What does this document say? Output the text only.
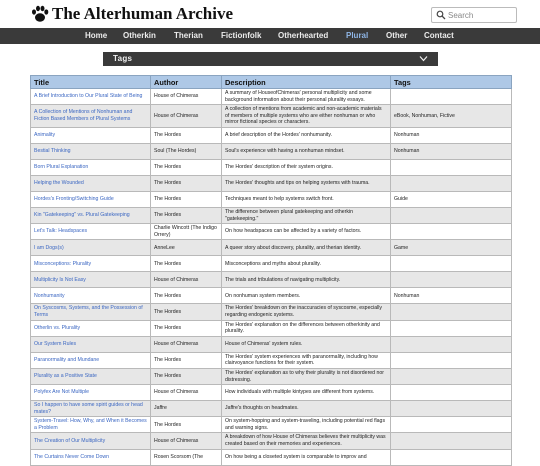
The Alterhuman Archive
Search
Home Otherkin Therian Fictionfolk Otherhearted Plural Other Contact
Tags
Title	Author	Description	Tags
A Brief Introduction to Our Plural State of Being	House of Chimeras	A summary of HouseofChimeras' personal multiplicity and some background information about their personal plurality essays.	
A Collection of Mentions of Nonhuman and Fiction Based Members of Plural Systems	House of Chimeras	A collection of mentions from academic and non-academic materials of members of multiple systems who are either nonhuman or who mirror fictional species or characters.	eBook, Nonhuman, Fictive
Animality	The Hordes	A brief description of the Hordes' nonhumanity.	Nonhuman
Bestial Thinking	Soul (The Hordes)	Soul's experience with having a nonhuman mindset.	Nonhuman
Born Plural Explanation	The Hordes	The Hordes' description of their system origins.	
Helping the Wounded	The Hordes	The Hordes' thoughts and tips on helping systems with trauma.	
Hordes's Fronting/Switching Guide	The Hordes	Techniques meant to help systems switch front.	Guide
Kin "Gatekeeping" vs. Plural Gatekeeping	The Hordes	The difference between plural gatekeeping and otherkin "gatekeeping."	
Let's Talk: Headspaces	Charlie Wincott (The Indigo Orrery)	On how headspaces can be affected by a variety of factors.	
I am Dogs(s)	AnneLee	A queer story about discovery, plurality, and therian identity.	Game
Misconceptions: Plurality	The Hordes	Misconceptions and myths about plurality.	
Multiplicity Is Not Easy	House of Chimeras	The trials and tribulations of navigating multiplicity.	
Nonhumanity	The Hordes	On nonhuman system members.	Nonhuman
On Syscosms, Systems, and the Possession of Terms	The Hordes	The Hordes' breakdown on the inaccuracies of syscosme, especially regarding endogenic systems.	
Otherlin vs. Plurality	The Hordes	The Hordes' explanation on the differences between otherkinity and plurality.	
Our System Rules	House of Chimeras	House of Chimeras' system rules.	
Paranormality and Mundane	The Hordes	The Hordes' system experiences with paranormality, including how clairvoyance functions for their system.	
Plurality as a Positive State	The Hordes	The Hordes' explanation as to why their plurality is not disordered nor distressing.	
Polyfex Are Not Multiple	House of Chimeras	How individuals with multiple kintypes are different from systems.	
So I happen to have some spirit guides or head mates?	Jaffre	Jaffre's thoughts on headmates.	
System-Travel: How, Why, and When it Becomes a Problem	The Hordes	On system-hopping and system-traveling, including potential red flags and warning signs.	
The Creation of Our Multiplicity	House of Chimeras	A breakdown of how House of Chimeras believes their multiplicity was created based on their memories and experiences.	
The Curtains Never Come Down	Rosen Scorsom (The	On how being a closeted system is comparable to improv and	
